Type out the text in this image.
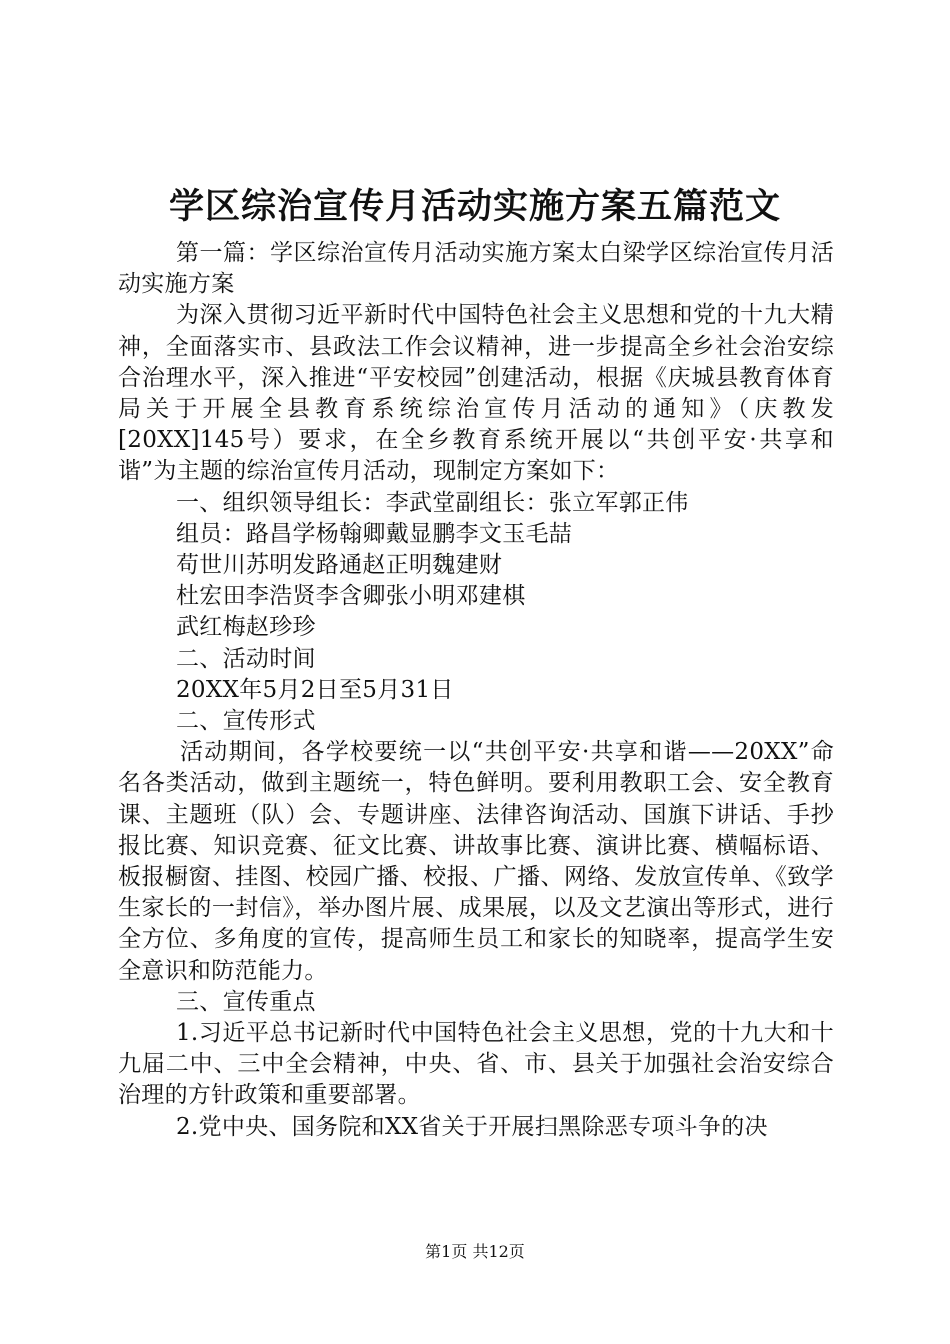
学区综治宣传月活动实施方案五篇范文

第一篇：学区综治宣传月活动实施方案太白梁学区综治宣传月活动实施方案

为深入贯彻习近平新时代中国特色社会主义思想和党的十九大精神，全面落实市、县政法工作会议精神，进一步提高全乡社会治安综合治理水平，深入推进“平安校园”创建活动，根据《庆城县教育体育局关于开展全县教育系统综治宣传月活动的通知》（庆教发[20XX]145号）要求，在全乡教育系统开展以“共创平安·共享和谐”为主题的综治宣传月活动，现制定方案如下：

一、组织领导组长：李武堂副组长：张立军郭正伟

组员：路昌学杨翰卿戴显鹏李文玉毛喆

苟世川苏明发路通赵正明魏建财

杜宏田李浩贤李含卿张小明邓建棋

武红梅赵珍珍

二、活动时间

20XX年5月2日至5月31日

二、宣传形式

活动期间，各学校要统一以“共创平安·共享和谐——20XX”命名各类活动，做到主题统一，特色鲜明。要利用教职工会、安全教育课、主题班（队）会、专题讲座、法律咨询活动、国旗下讲话、手抄报比赛、知识竞赛、征文比赛、讲故事比赛、演讲比赛、横幅标语、板报橱窗、挂图、校园广播、校报、广播、网络、发放宣传单、《致学生家长的一封信》，举办图片展、成果展，以及文艺演出等形式，进行全方位、多角度的宣传，提高师生员工和家长的知晓率，提高学生安全意识和防范能力。

三、宣传重点

1.习近平总书记新时代中国特色社会主义思想，党的十九大和十九届二中、三中全会精神，中央、省、市、县关于加强社会治安综合治理的方针政策和重要部署。

2.党中央、国务院和XX省关于开展扫黑除恶专项斗争的决

第1页 共12页
